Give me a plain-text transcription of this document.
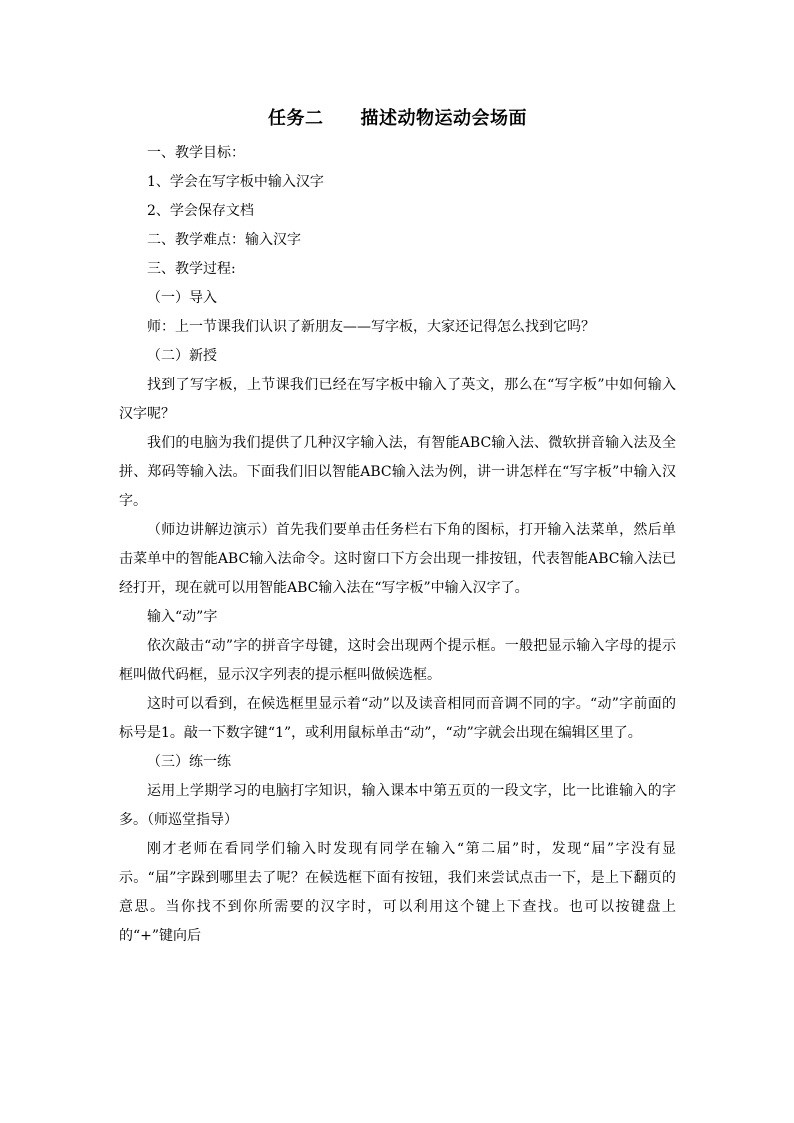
任务二　　描述动物运动会场面

一、教学目标：

1、学会在写字板中输入汉字

2、学会保存文档

二、教学难点：输入汉字

三、教学过程:

（一）导入

师：上一节课我们认识了新朋友——写字板，大家还记得怎么找到它吗？

（二）新授

找到了写字板，上节课我们已经在写字板中输入了英文，那么在“写字板”中如何输入汉字呢？

我们的电脑为我们提供了几种汉字输入法，有智能ABC输入法、微软拼音输入法及全拼、郑码等输入法。下面我们旧以智能ABC输入法为例，讲一讲怎样在“写字板”中输入汉字。

（师边讲解边演示）首先我们要单击任务栏右下角的图标，打开输入法菜单，然后单击菜单中的智能ABC输入法命令。这时窗口下方会出现一排按钮，代表智能ABC输入法已经打开，现在就可以用智能ABC输入法在“写字板”中输入汉字了。

输入“动”字

依次敲击“动”字的拼音字母键，这时会出现两个提示框。一般把显示输入字母的提示框叫做代码框，显示汉字列表的提示框叫做候选框。

这时可以看到，在候选框里显示着“动”以及读音相同而音调不同的字。“动”字前面的标号是1。敲一下数字键“1”，或利用鼠标单击“动”，“动”字就会出现在编辑区里了。

（三）练一练

运用上学期学习的电脑打字知识，输入课本中第五页的一段文字，比一比谁输入的字多。（师巡堂指导）

刚才老师在看同学们输入时发现有同学在输入“第二届”时，发现“届”字没有显示。“届”字跺到哪里去了呢？在候选框下面有按钮，我们来尝试点击一下，是上下翻页的意思。当你找不到你所需要的汉字时，可以利用这个键上下查找。也可以按键盘上的“+”键向后
